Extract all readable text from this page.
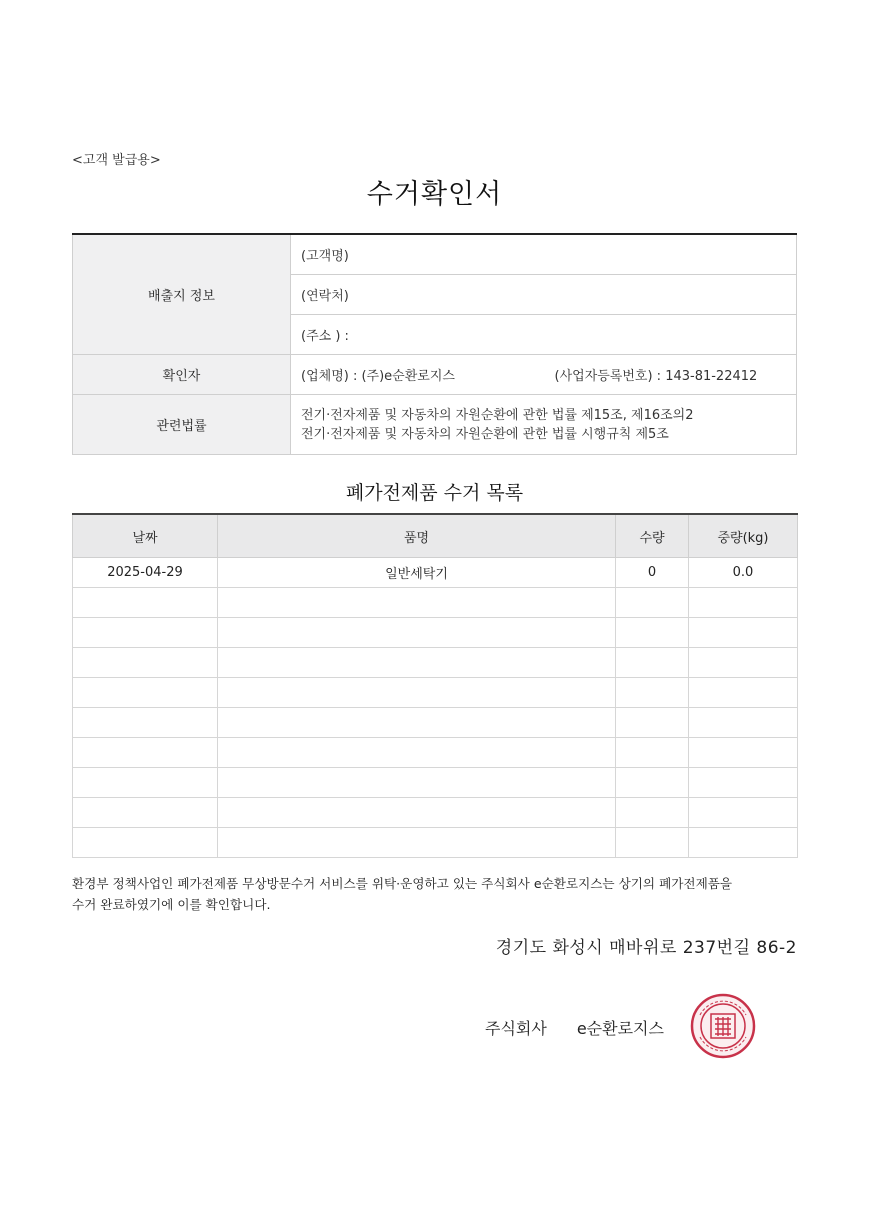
<고객 발급용>
수거확인서
배출지 정보	(고객명)
	(연락처)
	(주소 ) :
확인자	(업체명) : (주)e순환로지스 (사업자등록번호) : 143-81-22412

관련법률	전기·전자제품 및 자동차의 자원순환에 관한 법률 제15조, 제16조의2
전기·전자제품 및 자동차의 자원순환에 관한 법률 시행규칙 제5조
폐가전제품 수거 목록
날짜	품명	수량	중량(kg)
2025-04-29	일반세탁기	0	0.0

환경부 정책사업인 폐가전제품 무상방문수거 서비스를 위탁·운영하고 있는 주식회사 e순환로지스는 상기의 폐가전제품을
수거 완료하였기에 이를 확인합니다.
경기도 화성시 매바위로 237번길 86-2
주식회사 e순환로지스
